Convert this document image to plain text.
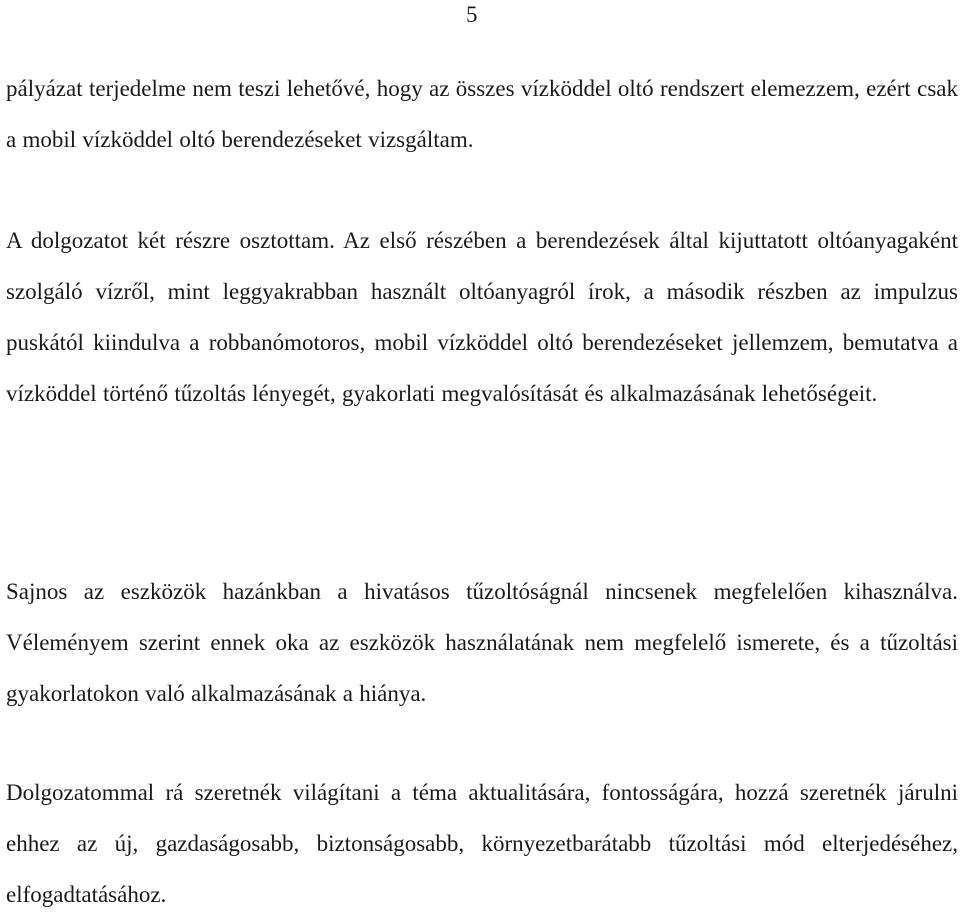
5

pályázat terjedelme nem teszi lehetővé, hogy az összes vízköddel oltó rendszert elemezzem, ezért csak a mobil vízköddel oltó berendezéseket vizsgáltam.

A dolgozatot két részre osztottam. Az első részében a berendezések által kijuttatott oltóanyagaként szolgáló vízről, mint leggyakrabban használt oltóanyagról írok, a második részben az impulzus puskától kiindulva a robbanómotoros, mobil vízköddel oltó berendezéseket jellemzem, bemutatva a vízköddel történő tűzoltás lényegét, gyakorlati megvalósítását és alkalmazásának lehetőségeit.

Sajnos az eszközök hazánkban a hivatásos tűzoltóságnál nincsenek megfelelően kihasználva. Véleményem szerint ennek oka az eszközök használatának nem megfelelő ismerete, és a tűzoltási gyakorlatokon való alkalmazásának a hiánya.

Dolgozatommal rá szeretnék világítani a téma aktualitására, fontosságára, hozzá szeretnék járulni ehhez az új, gazdaságosabb, biztonságosabb, környezetbarátabb tűzoltási mód elterjedéséhez, elfogadtatásához.
